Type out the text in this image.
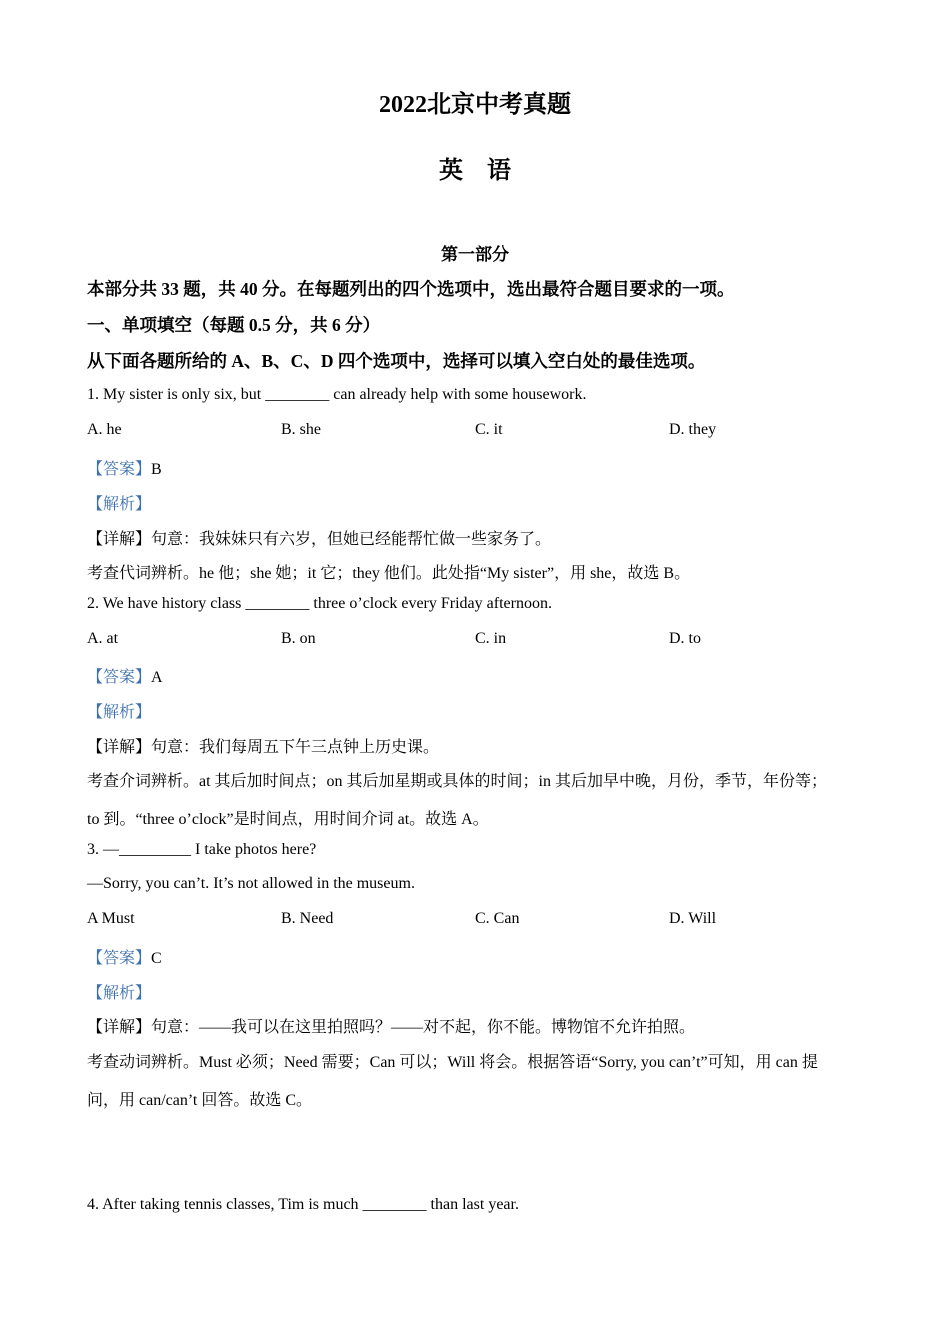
2022北京中考真题
英　语
第一部分
本部分共 33 题，共 40 分。在每题列出的四个选项中，选出最符合题目要求的一项。
一、单项填空（每题 0.5 分，共 6 分）
从下面各题所给的 A、B、C、D 四个选项中，选择可以填入空白处的最佳选项。
1. My sister is only six, but ________ can already help with some housework.
A. he	B. she	C. it	D. they
【答案】B
【解析】
【详解】句意：我妹妹只有六岁，但她已经能帮忙做一些家务了。
考查代词辨析。he 他；she 她；it 它；they 他们。此处指“My sister”，用 she，故选 B。
2. We have history class ________ three o’clock every Friday afternoon.
A. at	B. on	C. in	D. to
【答案】A
【解析】
【详解】句意：我们每周五下午三点钟上历史课。
考查介词辨析。at 其后加时间点；on 其后加星期或具体的时间；in 其后加早中晚，月份，季节，年份等；
to 到。“three o’clock”是时间点，用时间介词 at。故选 A。
3. —_________ I take photos here?
—Sorry, you can’t. It’s not allowed in the museum.
A Must	B. Need	C. Can	D. Will
【答案】C
【解析】
【详解】句意：——我可以在这里拍照吗？——对不起，你不能。博物馆不允许拍照。
考查动词辨析。Must 必须；Need 需要；Can 可以；Will 将会。根据答语“Sorry, you can’t”可知，用 can 提
问，用 can/can’t 回答。故选 C。
4. After taking tennis classes, Tim is much ________ than last year.
